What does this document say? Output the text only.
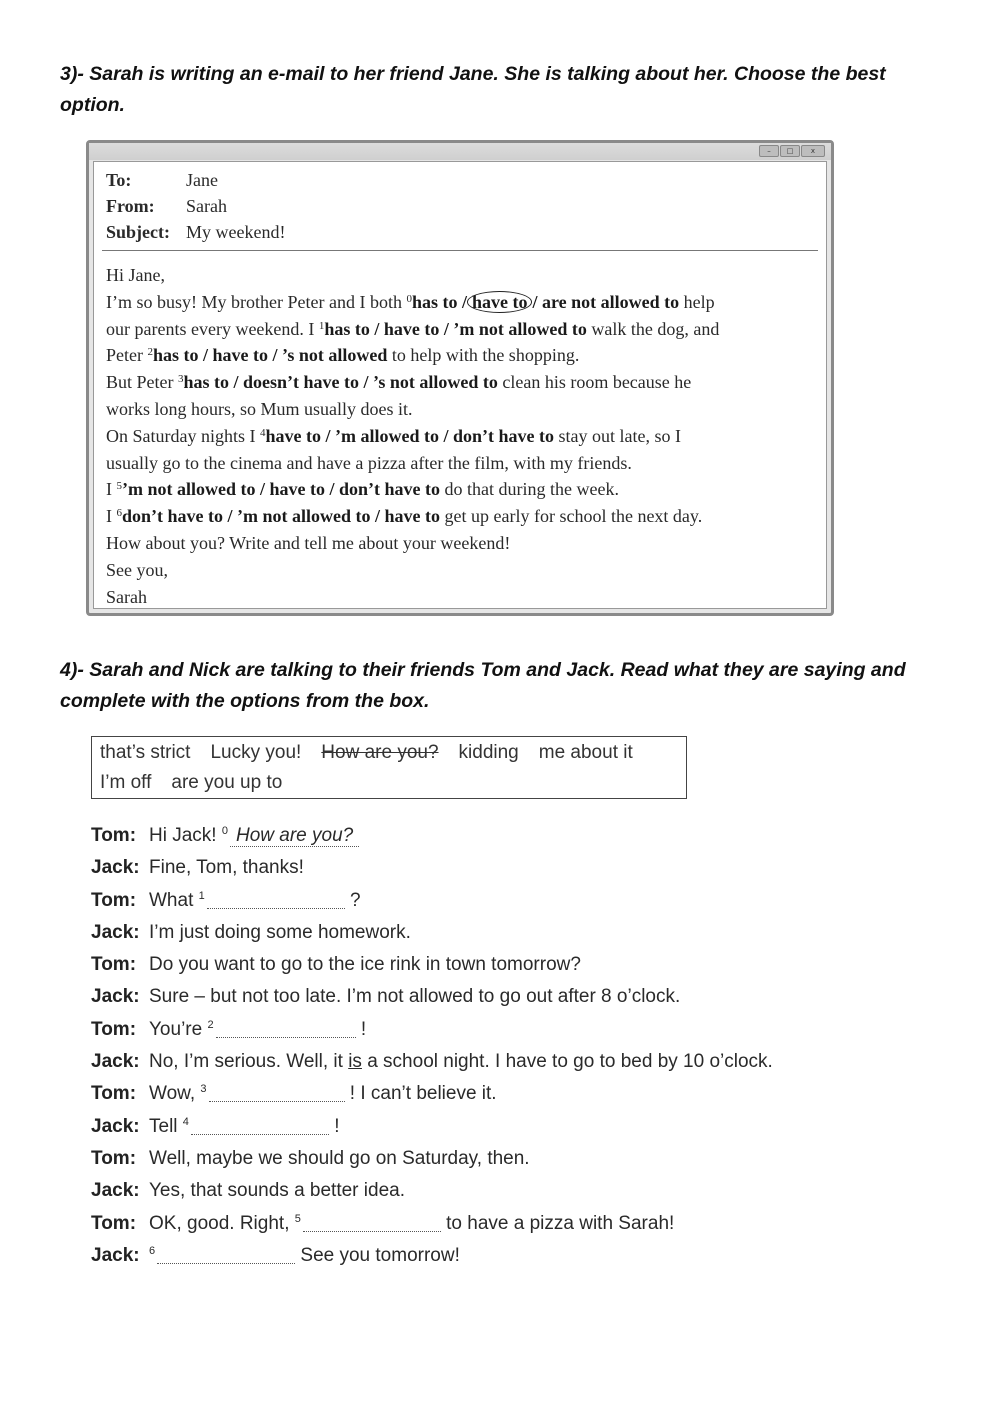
3)- Sarah is writing an e-mail to her friend Jane. She is talking about her. Choose the best option.
–	□	x
To:	Jane
From:	Sarah
Subject: My weekend!
Hi Jane,
I’m so busy! My brother Peter and I both $^0$has to / have to / are not allowed to help
our parents every weekend. I $^1$has to / have to / ’m not allowed to walk the dog, and
Peter $^2$has to / have to / ’s not allowed to help with the shopping.
But Peter $^3$has to / doesn’t have to / ’s not allowed to clean his room because he
works long hours, so Mum usually does it.
On Saturday nights I $^4$have to / ’m allowed to / don’t have to stay out late, so I
usually go to the cinema and have a pizza after the film, with my friends.
I $^5$’m not allowed to / have to / don’t have to do that during the week.
I $^6$don’t have to / ’m not allowed to / have to get up early for school the next day.
How about you? Write and tell me about your weekend!
See you,
Sarah
4)- Sarah and Nick are talking to their friends Tom and Jack. Read what they are saying and complete with the options from the box.
that’s strict Lucky you! How are you? kidding me about it
I’m off are you up to
Tom: Hi Jack! $^0$ How are you?
Jack: Fine, Tom, thanks!
Tom: What $^1$	?
Jack: I’m just doing some homework.
Tom: Do you want to go to the ice rink in town tomorrow?
Jack: Sure – but not too late. I’m not allowed to go out after 8 o’clock.
Tom: You’re $^2$	!
Jack: No, I’m serious. Well, it is a school night. I have to go to bed by 10 o’clock.
Tom: Wow, $^3$	! I can’t believe it.
Jack: Tell $^4$	!
Tom: Well, maybe we should go on Saturday, then.
Jack: Yes, that sounds a better idea.
Tom: OK, good. Right, $^5$	to have a pizza with Sarah!
Jack: $^6$	See you tomorrow!
